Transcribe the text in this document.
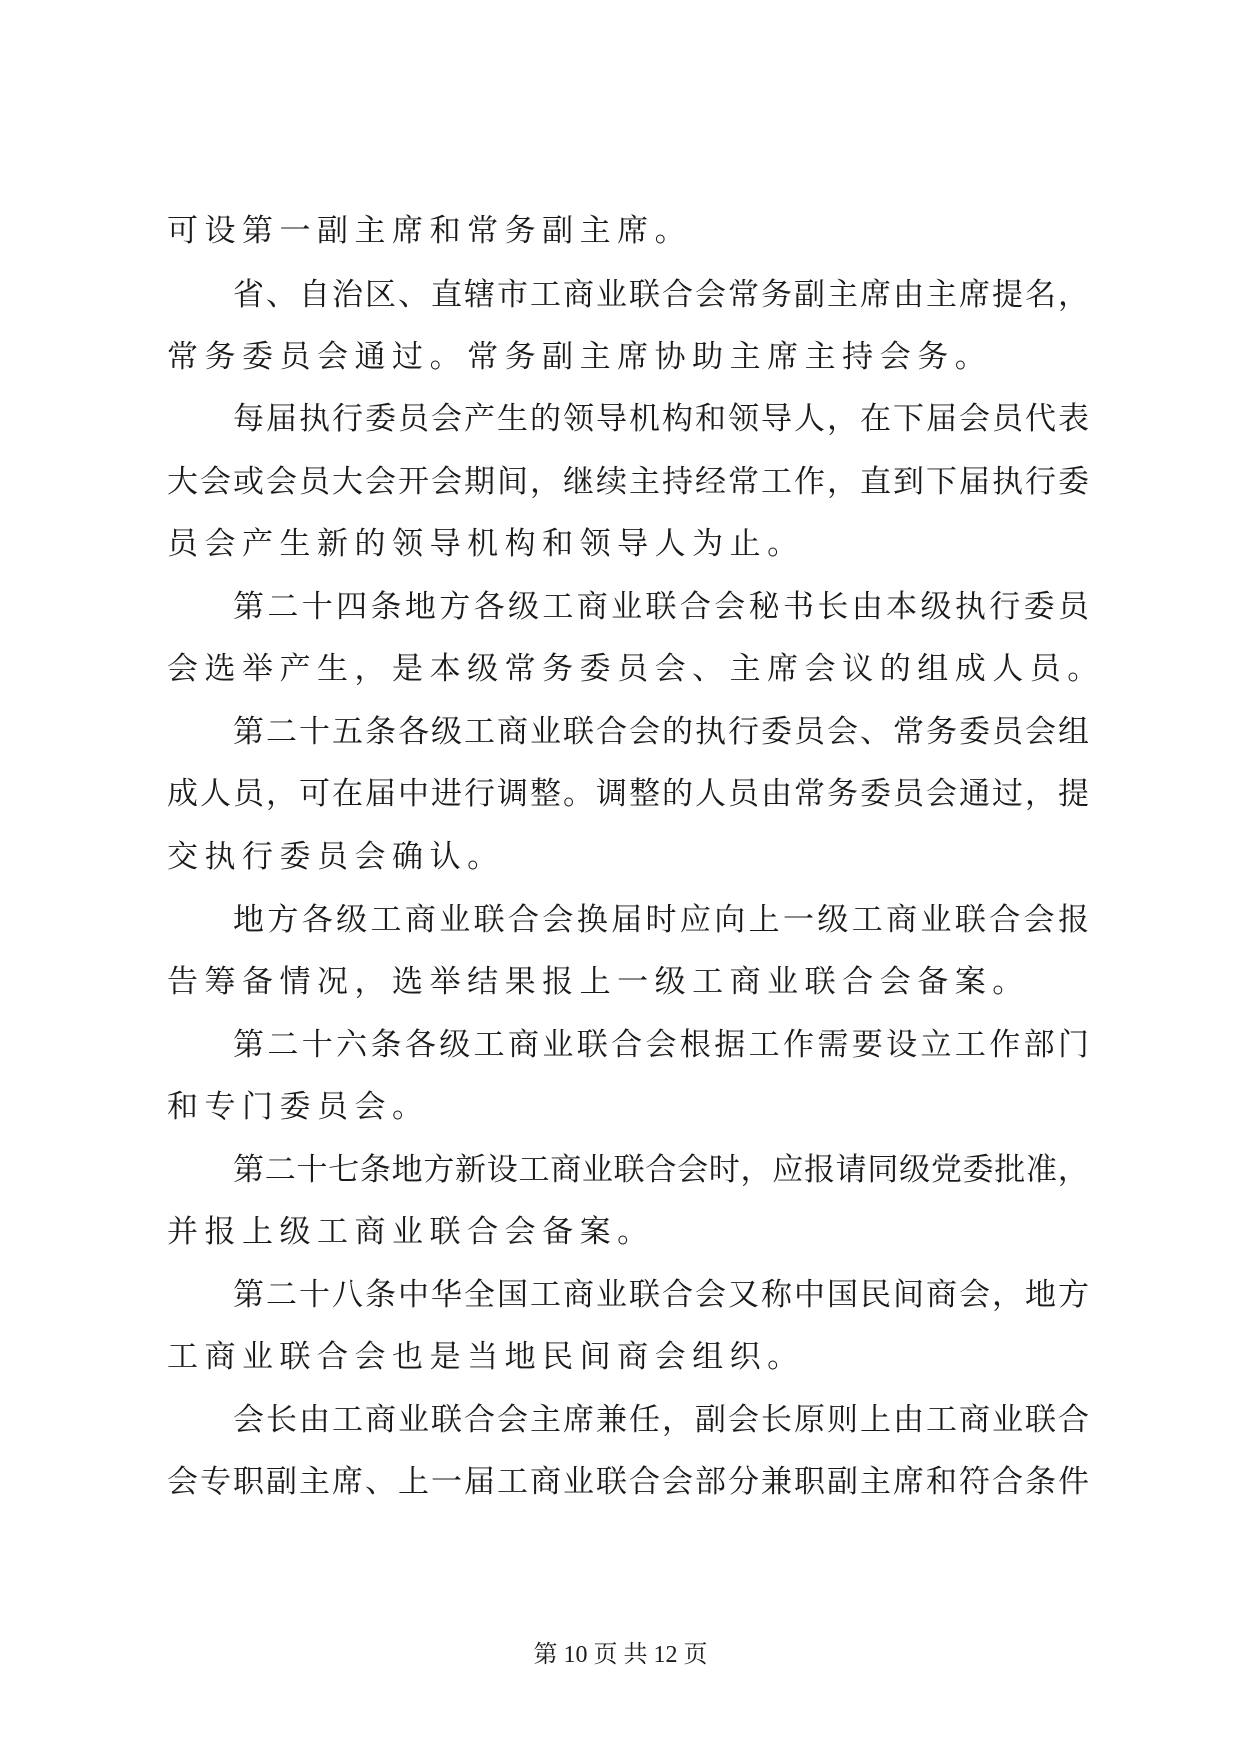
可设第一副主席和常务副主席。
省 、 自 治 区 、 直 辖 市 工 商 业 联 合 会 常 务 副 主 席 由 主 席 提 名 ，
常务委员会通过。常务副主席协助主席主持会务。
每 届 执 行 委 员 会 产 生 的 领 导 机 构 和 领 导 人 ， 在 下 届 会 员 代 表
大 会 或 会 员 大 会 开 会 期 间 ， 继 续 主 持 经 常 工 作 ， 直 到 下 届 执 行 委
员会产生新的领导机构和领导人为止。
第 二 十 四 条 地 方 各 级 工 商 业 联 合 会 秘 书 长 由 本 级 执 行 委 员
会选举产生，是本级常务委员会、主席会议的组成人员。
第 二 十 五 条 各 级 工 商 业 联 合 会 的 执 行 委 员 会 、 常 务 委 员 会 组
成 人 员 ， 可 在 届 中 进 行 调 整 。 调 整 的 人 员 由 常 务 委 员 会 通 过 ， 提
交执行委员会确认。
地 方 各 级 工 商 业 联 合 会 换 届 时 应 向 上 一 级 工 商 业 联 合 会 报
告筹备情况，选举结果报上一级工商业联合会备案。
第 二 十 六 条 各 级 工 商 业 联 合 会 根 据 工 作 需 要 设 立 工 作 部 门
和专门委员会。
第 二 十 七 条 地 方 新 设 工 商 业 联 合 会 时 ， 应 报 请 同 级 党 委 批 准 ，
并报上级工商业联合会备案。
第 二 十 八 条 中 华 全 国 工 商 业 联 合 会 又 称 中 国 民 间 商 会 ， 地 方
工商业联合会也是当地民间商会组织。
会 长 由 工 商 业 联 合 会 主 席 兼 任 ， 副 会 长 原 则 上 由 工 商 业 联 合
会 专 职 副 主 席 、 上 一 届 工 商 业 联 合 会 部 分 兼 职 副 主 席 和 符 合 条 件
第 10 页 共 12 页
